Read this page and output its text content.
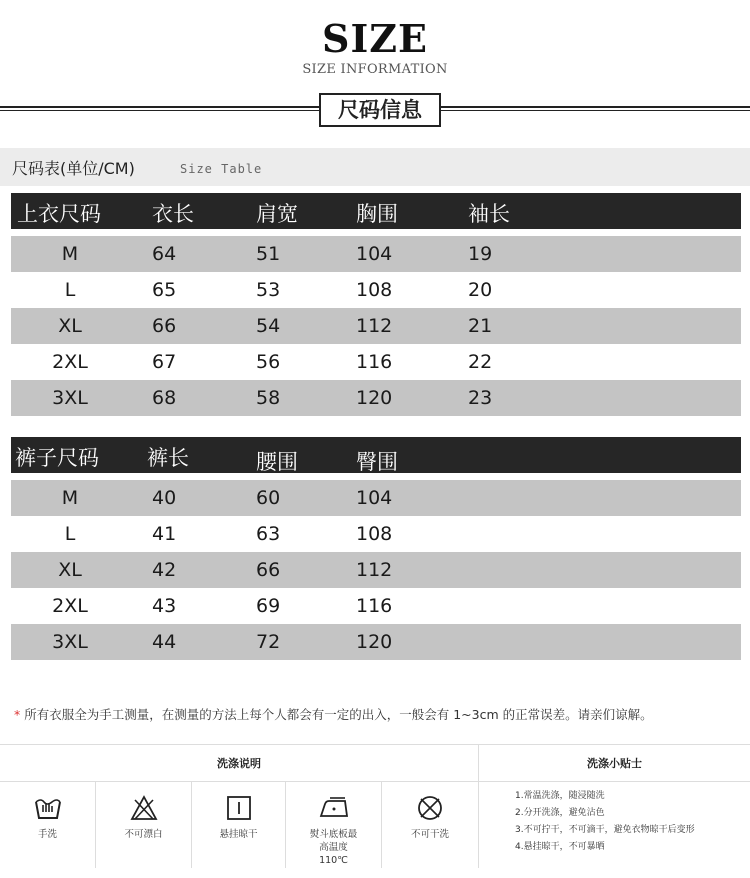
SIZE
SIZE INFORMATION
尺码信息
尺码表(单位/CM)	Size Table
上衣尺码 衣长	肩宽	胸围	袖长
M	64	51	104	19
L	65	53	108	20
XL	66	54	112	21
2XL	67	56	116	22
3XL	68	58	120	23
裤子尺码 裤长	腰围	臀围
M	40	60	104
L	41	63	108
XL	42	66	112
2XL	43	69	116
3XL	44	72	120
* 所有衣服全为手工测量，在测量的方法上每个人都会有一定的出入，一般会有 1~3cm 的正常误差。请亲们谅解。
洗涤说明	洗涤小贴士
手洗	不可漂白	悬挂晾干	熨斗底板最高温度110℃
不可干洗
1.常温洗涤，随浸随洗
2.分开洗涤，避免沾色
3.不可拧干，不可滴干，避免衣物晾干后变形
4.悬挂晾干，不可暴晒
